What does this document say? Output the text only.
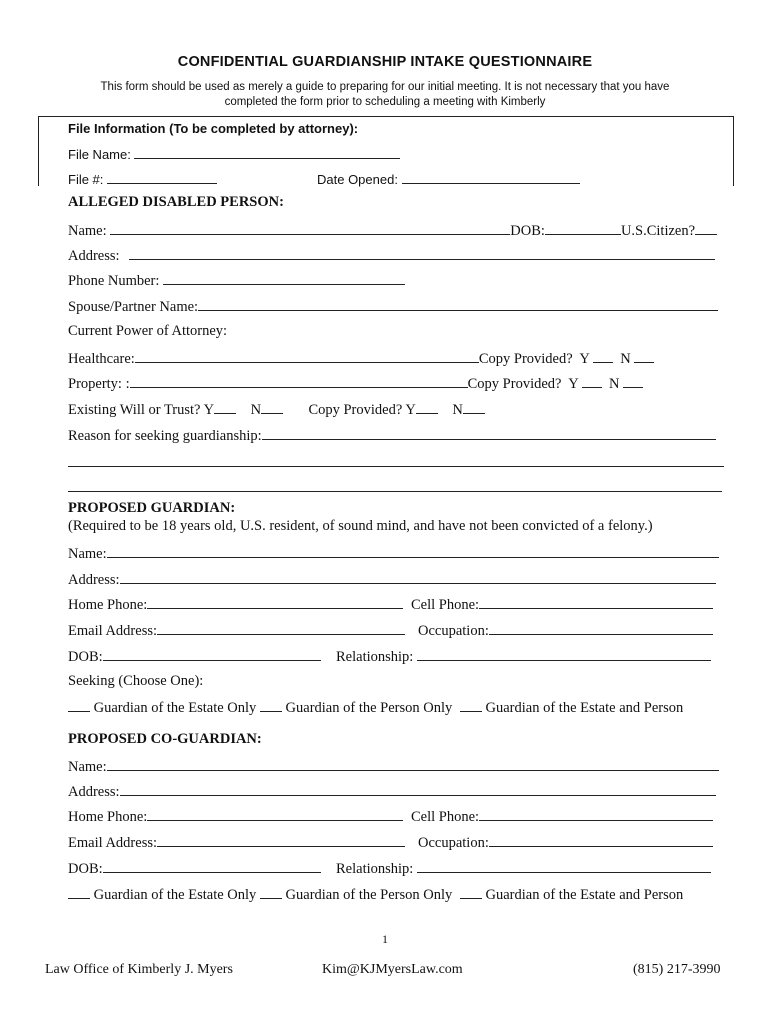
CONFIDENTIAL GUARDIANSHIP INTAKE QUESTIONNAIRE
This form should be used as merely a guide to preparing for our initial meeting. It is not necessary that you have
completed the form prior to scheduling a meeting with Kimberly
File Information (To be completed by attorney):
File Name:
File #:	Date Opened:
ALLEGED DISABLED PERSON:
Name:	DOB:	U.S.Citizen?
Address:
Phone Number:
Spouse/Partner Name:
Current Power of Attorney:
Healthcare:	Copy Provided? Y N
Property: :	Copy Provided? Y N
Existing Will or Trust? Y	N	Copy Provided? Y	N
Reason for seeking guardianship:
PROPOSED GUARDIAN:
(Required to be 18 years old, U.S. resident, of sound mind, and have not been convicted of a felony.)
Name:
Address:
Home Phone:	Cell Phone:
Email Address:	Occupation:
DOB:	Relationship:
Seeking (Choose One):
Guardian of the Estate Only Guardian of the Person Only Guardian of the Estate and Person
PROPOSED CO-GUARDIAN:
Name:
Address:
Home Phone:	Cell Phone:
Email Address:	Occupation:
DOB:	Relationship:
Guardian of the Estate Only Guardian of the Person Only Guardian of the Estate and Person
1
Law Office of Kimberly J. Myers	Kim@KJMyersLaw.com	(815) 217-3990
